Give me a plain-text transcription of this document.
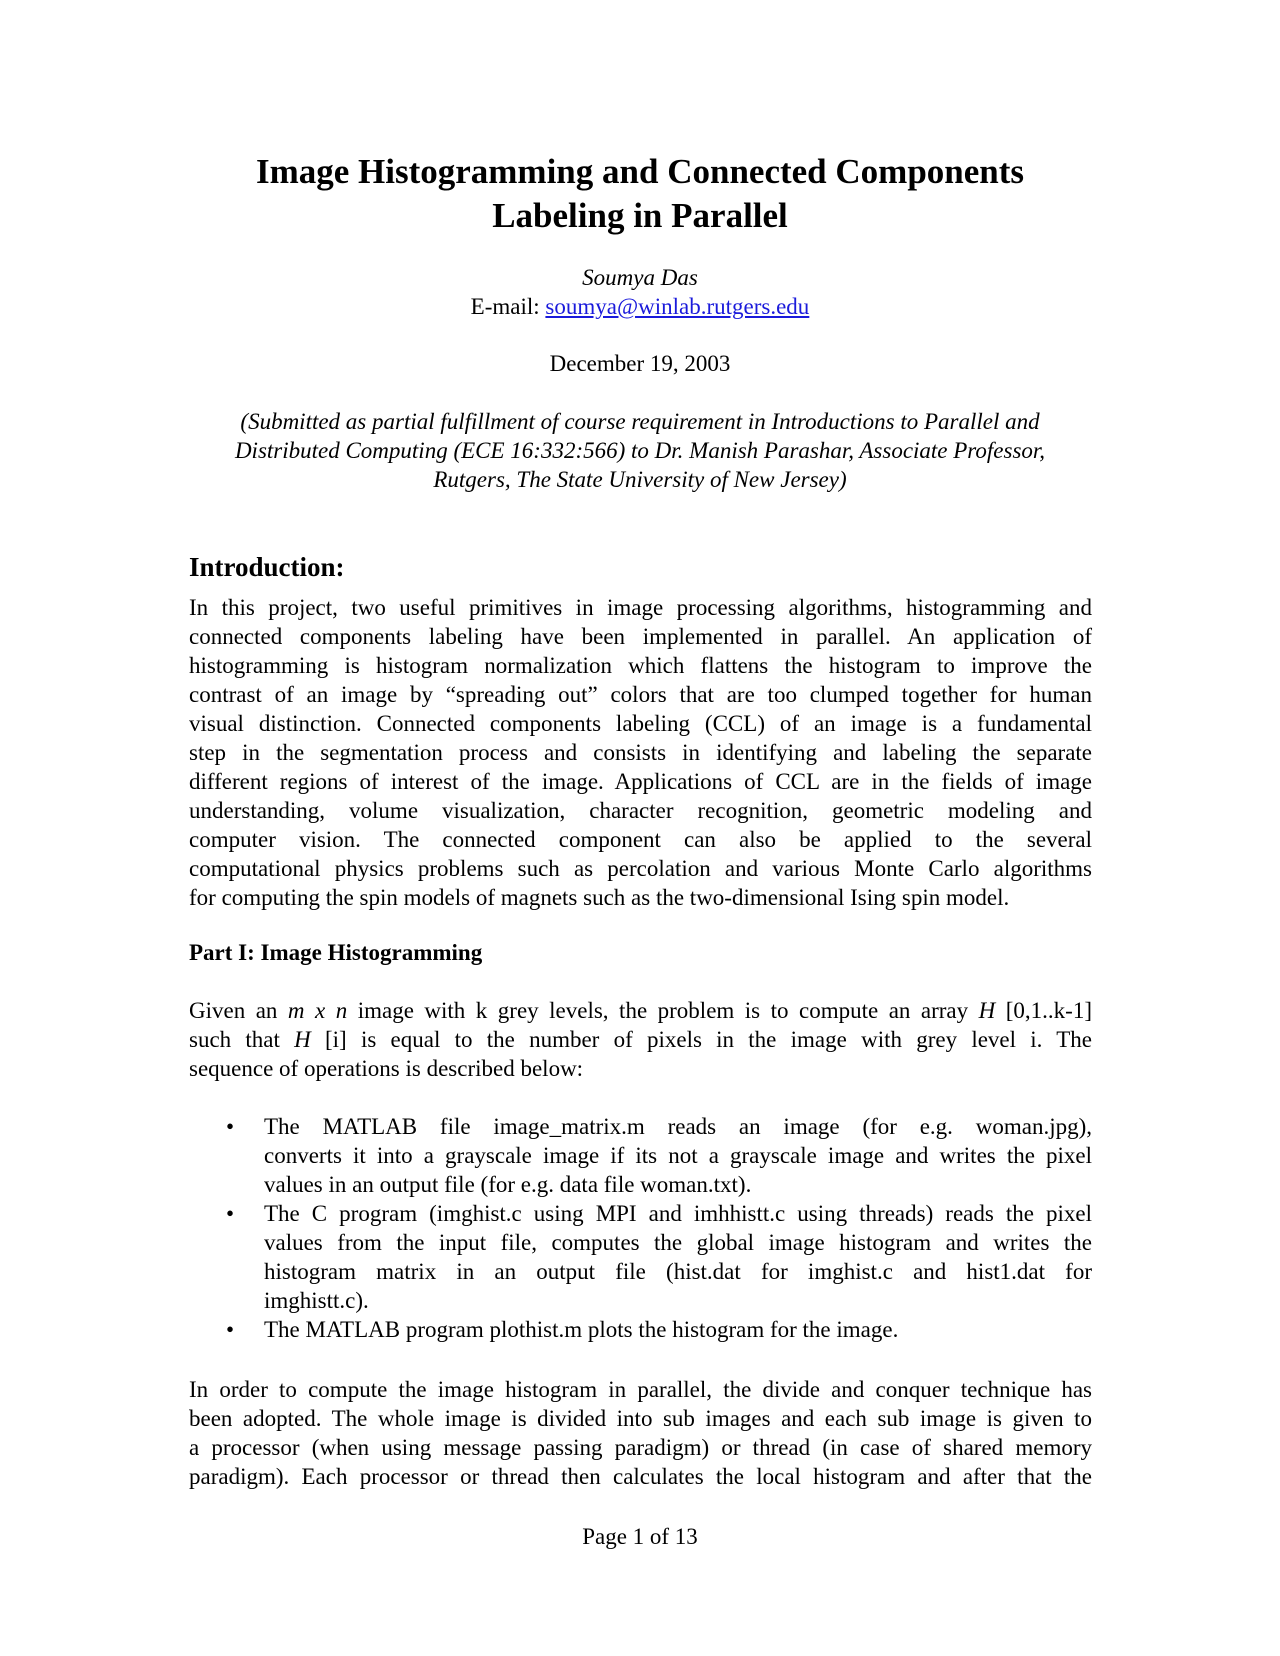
Image Histogramming and Connected Components
Labeling in Parallel
Soumya Das
E-mail: soumya@winlab.rutgers.edu
December 19, 2003
(Submitted as partial fulfillment of course requirement in Introductions to Parallel and
Distributed Computing (ECE 16:332:566) to Dr. Manish Parashar, Associate Professor,
Rutgers, The State University of New Jersey)
Introduction:
In this project, two useful primitives in image processing algorithms, histogramming and
connected components labeling have been implemented in parallel. An application of
histogramming is histogram normalization which flattens the histogram to improve the
contrast of an image by “spreading out” colors that are too clumped together for human
visual distinction. Connected components labeling (CCL) of an image is a fundamental
step in the segmentation process and consists in identifying and labeling the separate
different regions of interest of the image. Applications of CCL are in the fields of image
understanding, volume visualization, character recognition, geometric modeling and
computer vision. The connected component can also be applied to the several
computational physics problems such as percolation and various Monte Carlo algorithms
for computing the spin models of magnets such as the two-dimensional Ising spin model.
Part I: Image Histogramming
Given an m x n image with k grey levels, the problem is to compute an array H [0,1..k-1]
such that H [i] is equal to the number of pixels in the image with grey level i. The
sequence of operations is described below:
• The MATLAB file image_matrix.m reads an image (for e.g. woman.jpg),
converts it into a grayscale image if its not a grayscale image and writes the pixel
values in an output file (for e.g. data file woman.txt).
• The C program (imghist.c using MPI and imhhistt.c using threads) reads the pixel
values from the input file, computes the global image histogram and writes the
histogram matrix in an output file (hist.dat for imghist.c and hist1.dat for
imghistt.c).
• The MATLAB program plothist.m plots the histogram for the image.
In order to compute the image histogram in parallel, the divide and conquer technique has
been adopted. The whole image is divided into sub images and each sub image is given to
a processor (when using message passing paradigm) or thread (in case of shared memory
paradigm). Each processor or thread then calculates the local histogram and after that the
Page 1 of 13
